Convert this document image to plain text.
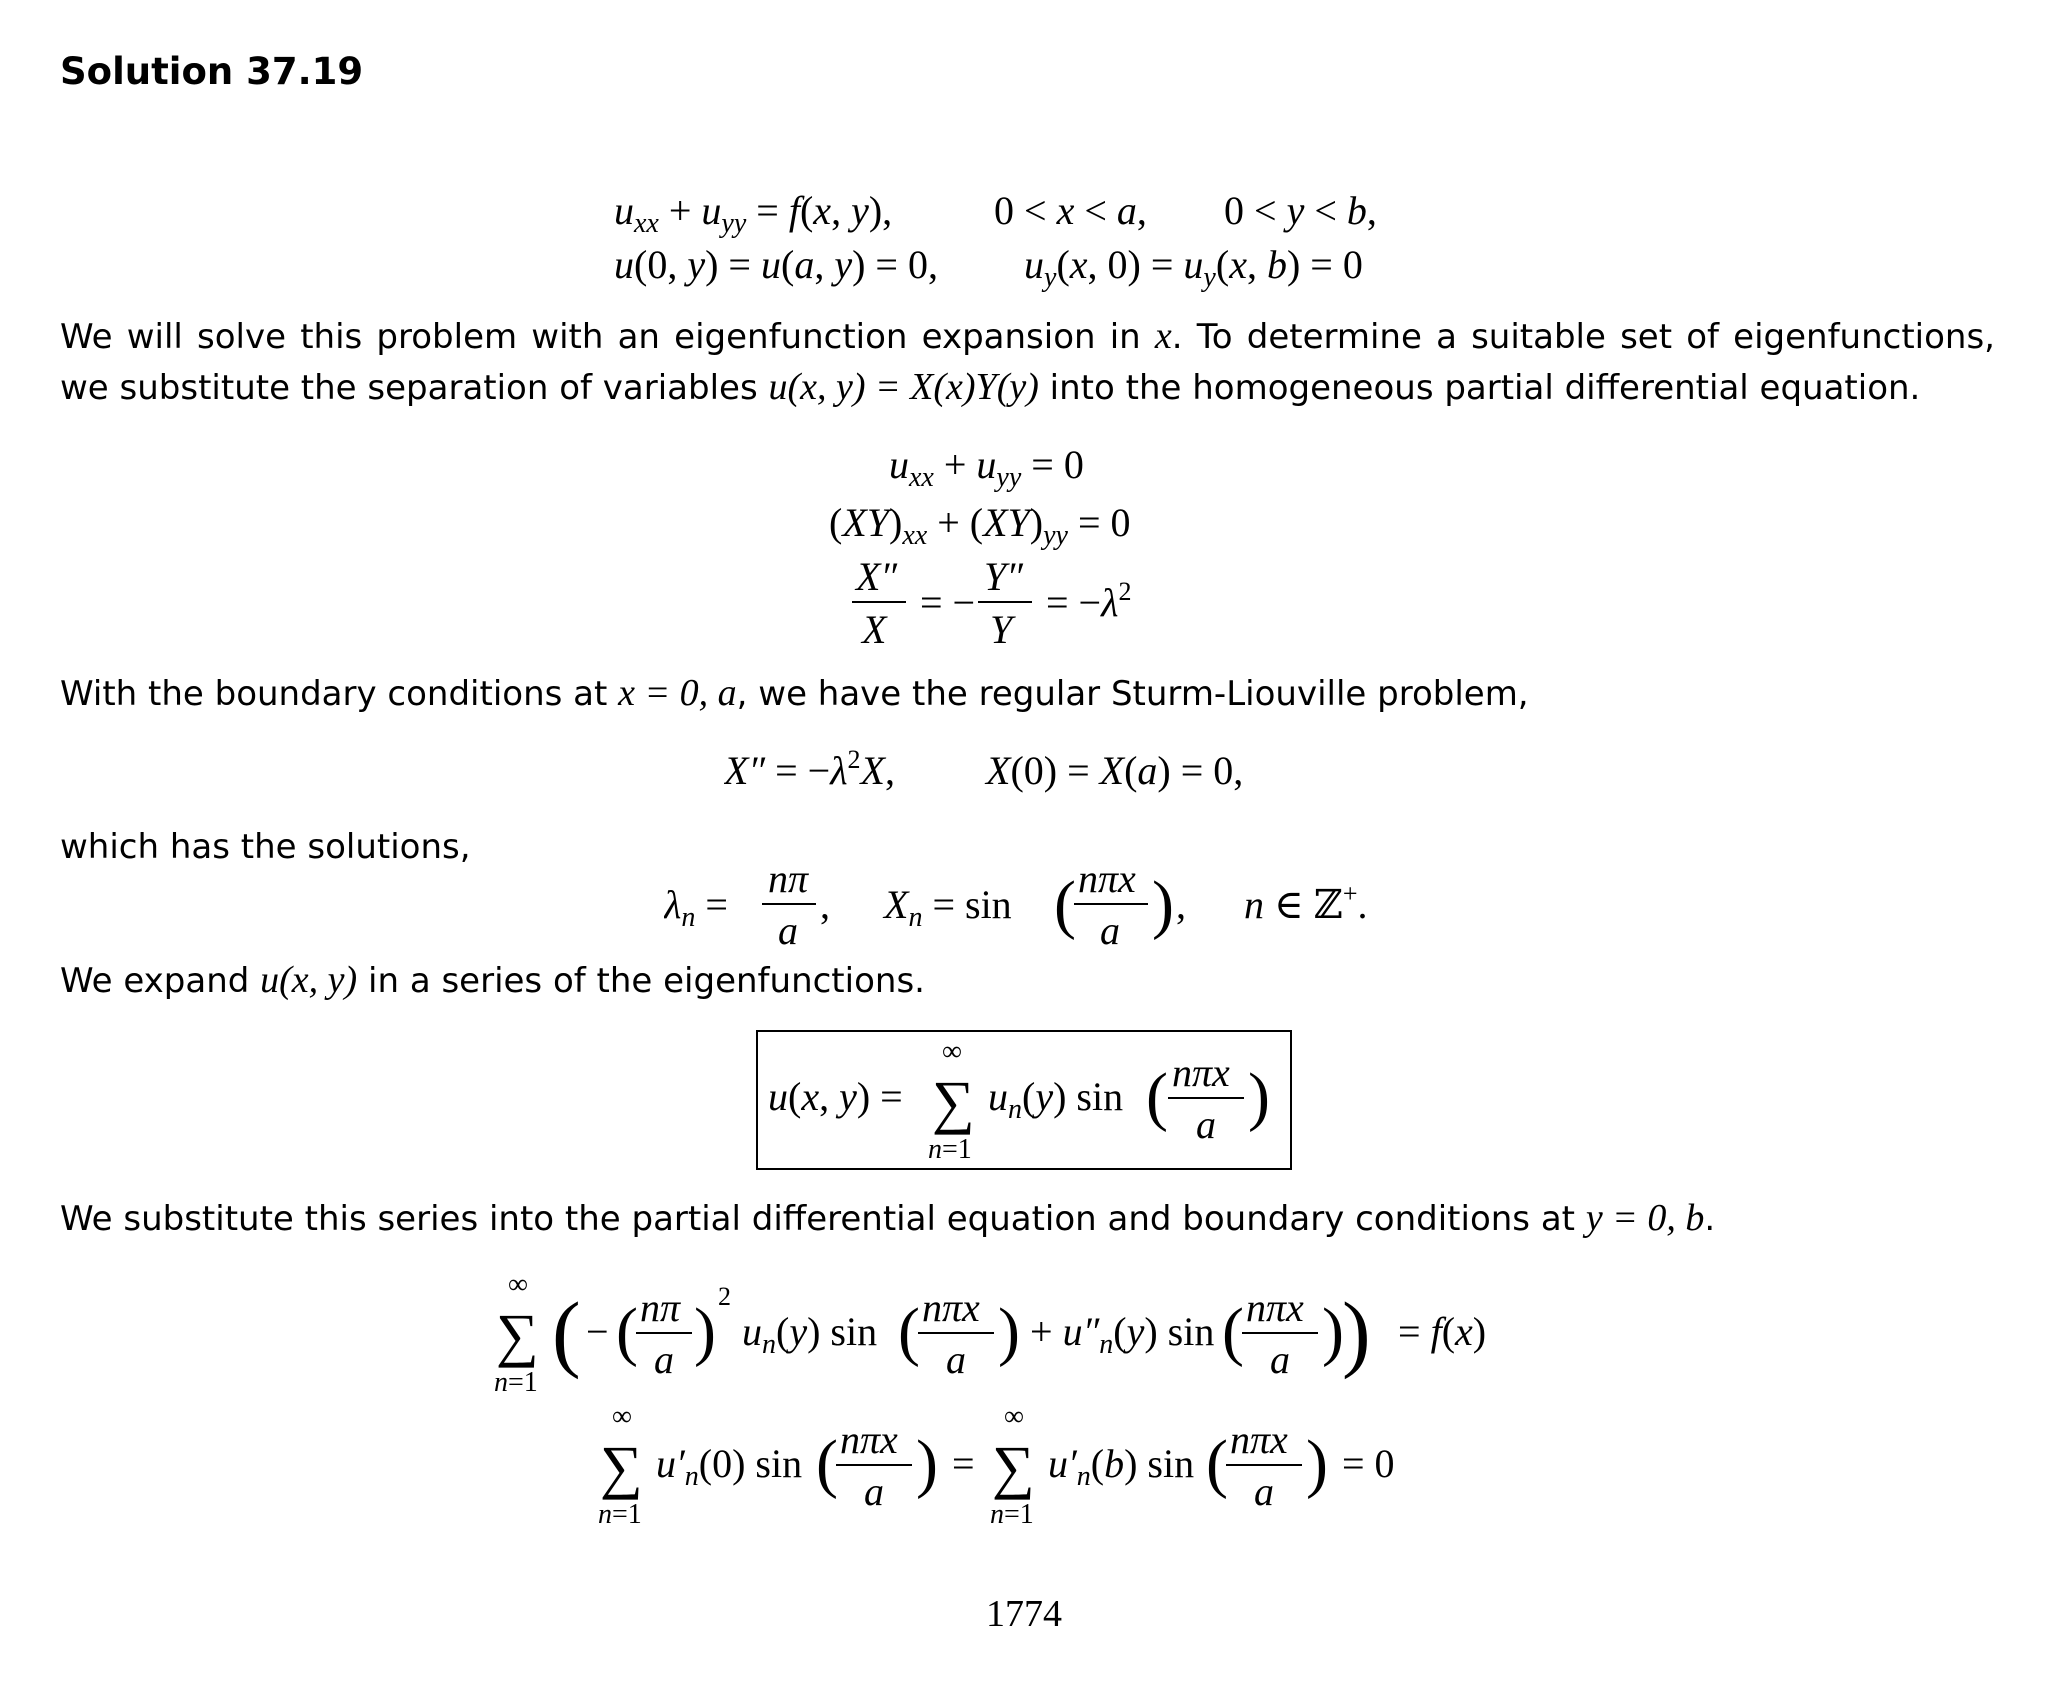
Solution 37.19
$u_{xx} + u_{yy} = f(x$, y),	0 < x < a, 0 < y < b,
u(0, y) = u(a, y) = 0, $u_y(x$, $0) = u_y(x$, b) = 0
We will solve this problem with an eigenfunction expansion in x. To determine a suitable set of eigenfunctions, we substitute the separation of variables u(x, y) = X(x)Y(y) into the homogeneous partial differential equation.
$u_{xx} + u_{yy} = 0$
$(XY)_{xx} + (XY)_{yy} = 0$
X″
X
= −
Y″
Y
= $-\lambda^2$
With the boundary conditions at x = 0, a, we have the regular Sturm-Liouville problem,
$X'' = -\lambda^2X$, X(0) = X(a) = 0,
which has the solutions,
$\lambda_n$ =
nπ
a
, $X_n = \sin$ ( nπx
a ) , n ∈ ℤ+.
We expand u(x, y) in a series of the eigenfunctions.
u(x, y) =
∞
∑
n=1
$u_n(y)$ sin ( nπx
a )
We substitute this series into the partial differential equation and boundary conditions at y = 0, b.
∞
∑
n=1
( − ( nπ
a ) 2
$u_n(y)$ sin ( nπx
a ) + $u''_n(y)$ sin ( nπx
a )
) = f(x)
∞
∑
n=1
$u'_n(0)$ sin ( nπx
a ) =
∞
∑
n=1
$u'_n(b)$ sin ( nπx
a ) = 0
1774
